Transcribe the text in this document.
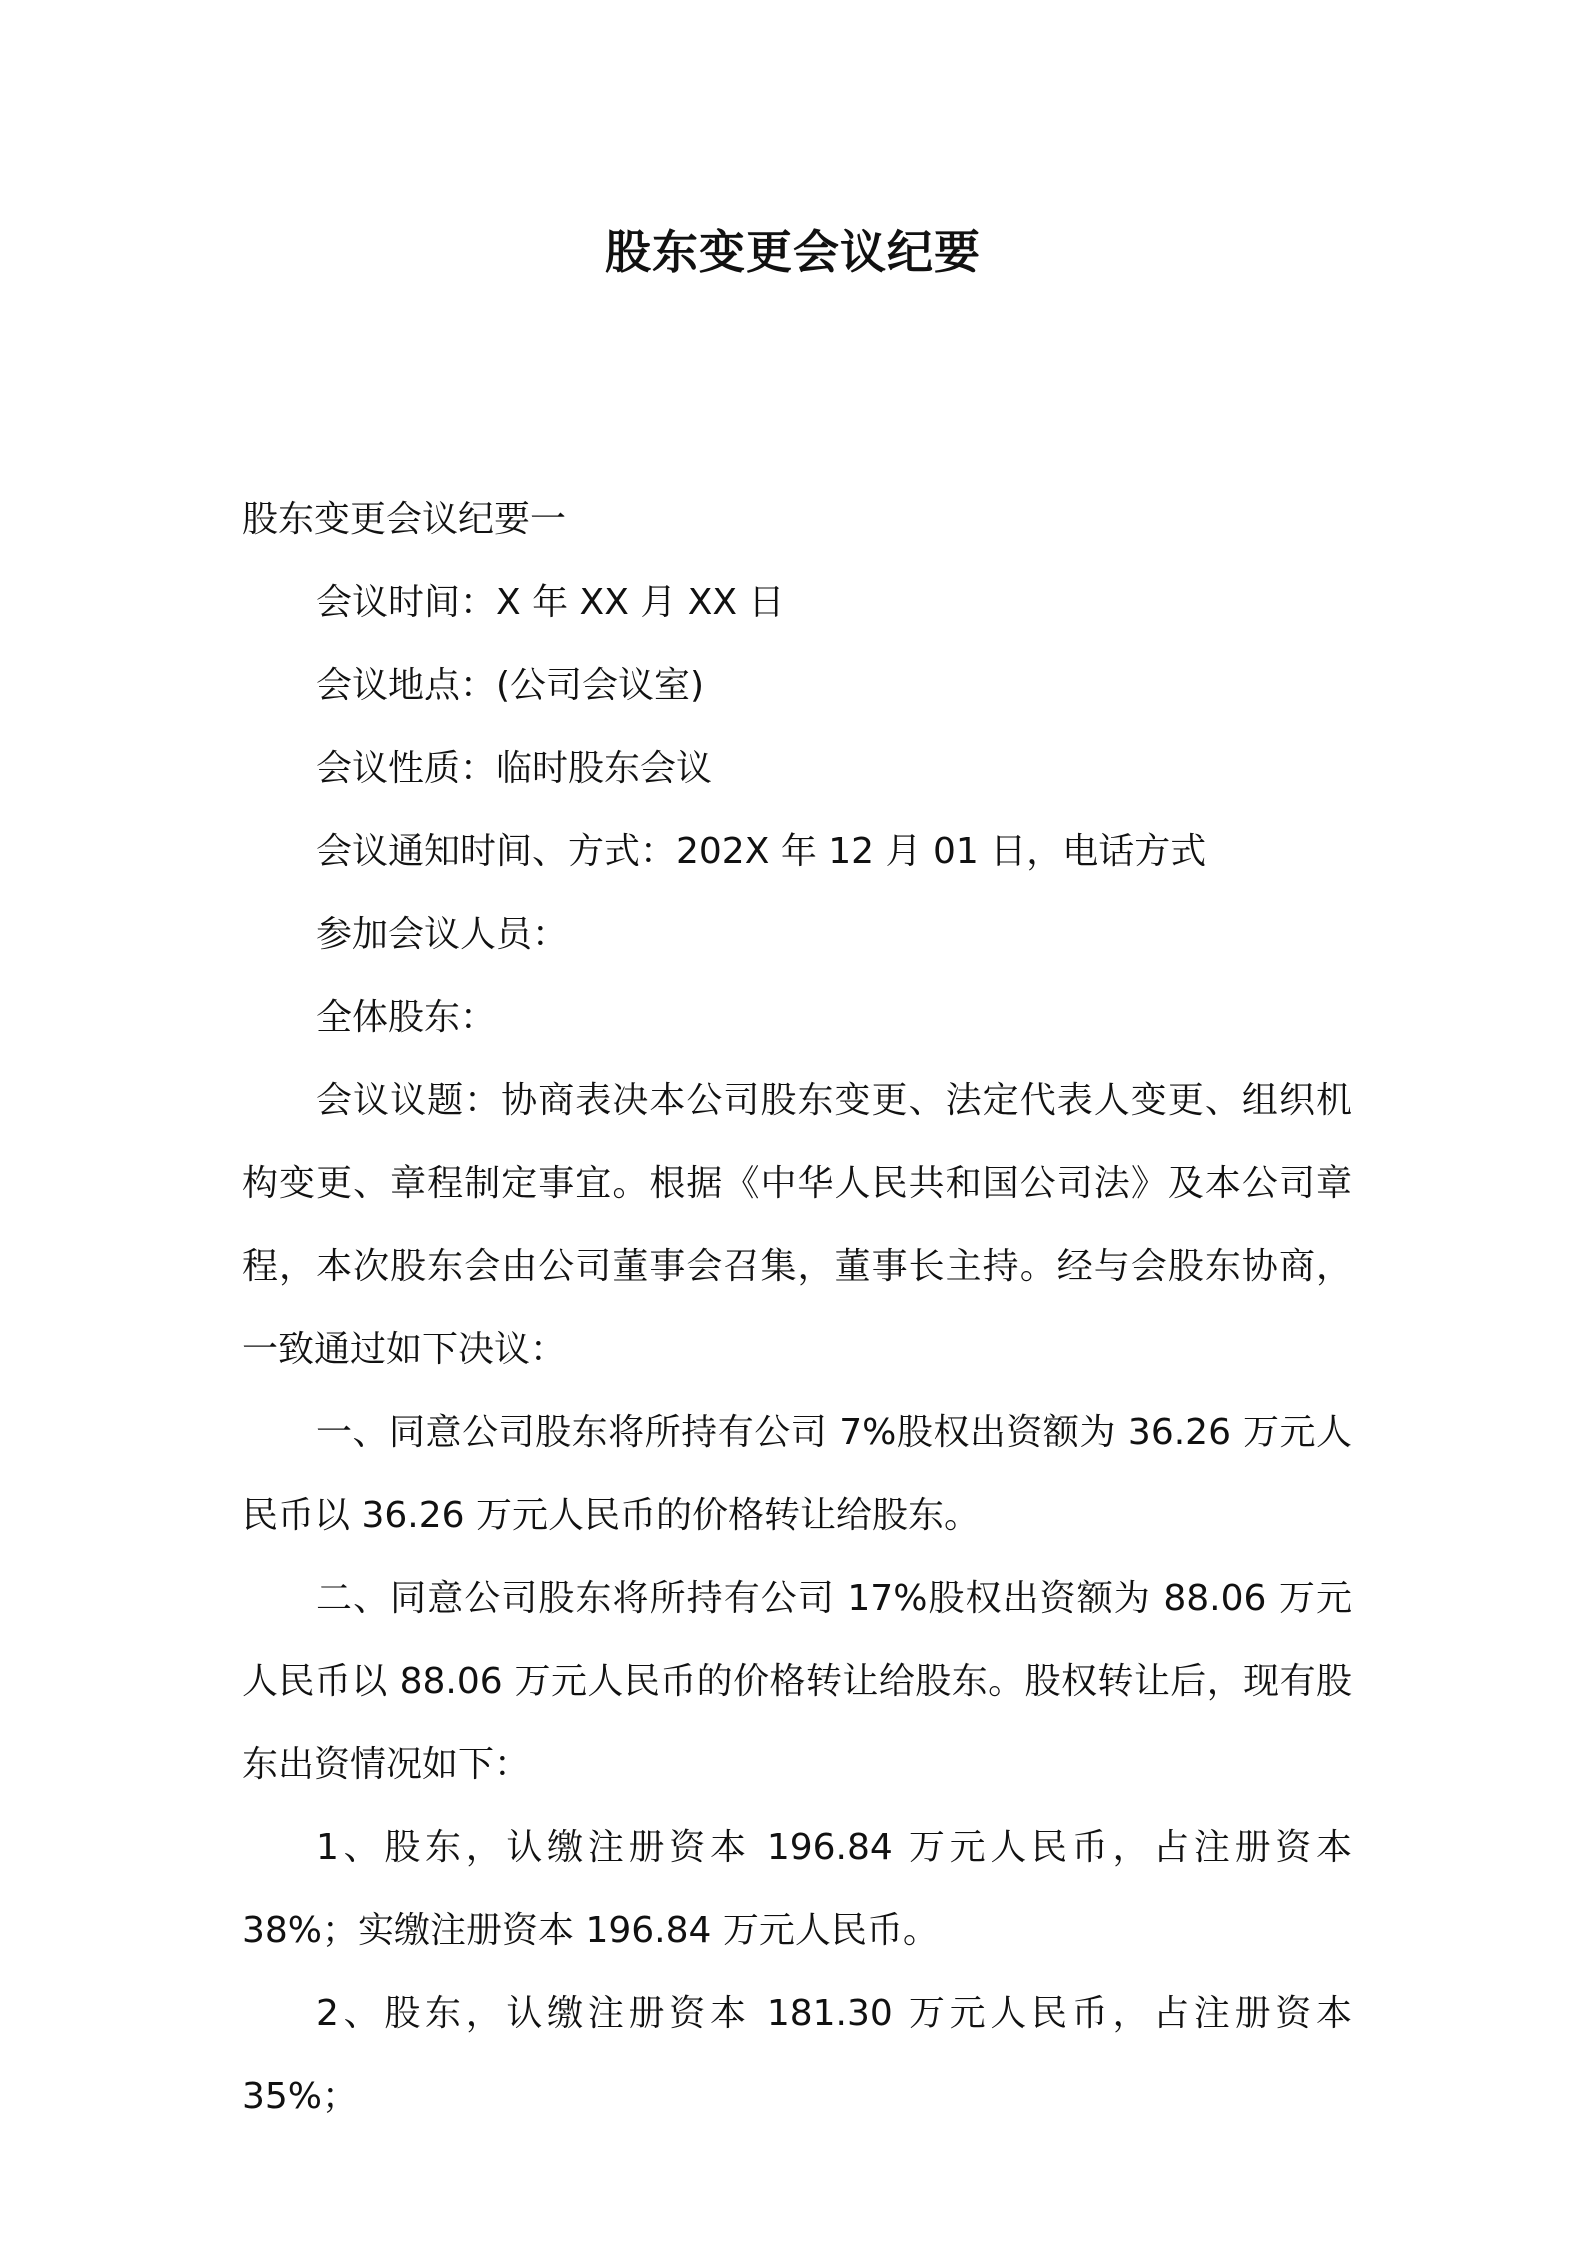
股东变更会议纪要

股东变更会议纪要一

会议时间：X 年 XX 月 XX 日

会议地点：(公司会议室)

会议性质：临时股东会议

会议通知时间、方式：202X 年 12 月 01 日，电话方式

参加会议人员：

全体股东：

会议议题：协商表决本公司股东变更、法定代表人变更、组织机构变更、章程制定事宜。根据《中华人民共和国公司法》及本公司章程，本次股东会由公司董事会召集，董事长主持。经与会股东协商，一致通过如下决议：

一、同意公司股东将所持有公司 7%股权出资额为 36.26 万元人民币以 36.26 万元人民币的价格转让给股东。

二、同意公司股东将所持有公司 17%股权出资额为 88.06 万元人民币以 88.06 万元人民币的价格转让给股东。股权转让后，现有股东出资情况如下：

1、股东，认缴注册资本 196.84 万元人民币，占注册资本 38%；实缴注册资本 196.84 万元人民币。

2、股东，认缴注册资本 181.30 万元人民币，占注册资本 35%；
